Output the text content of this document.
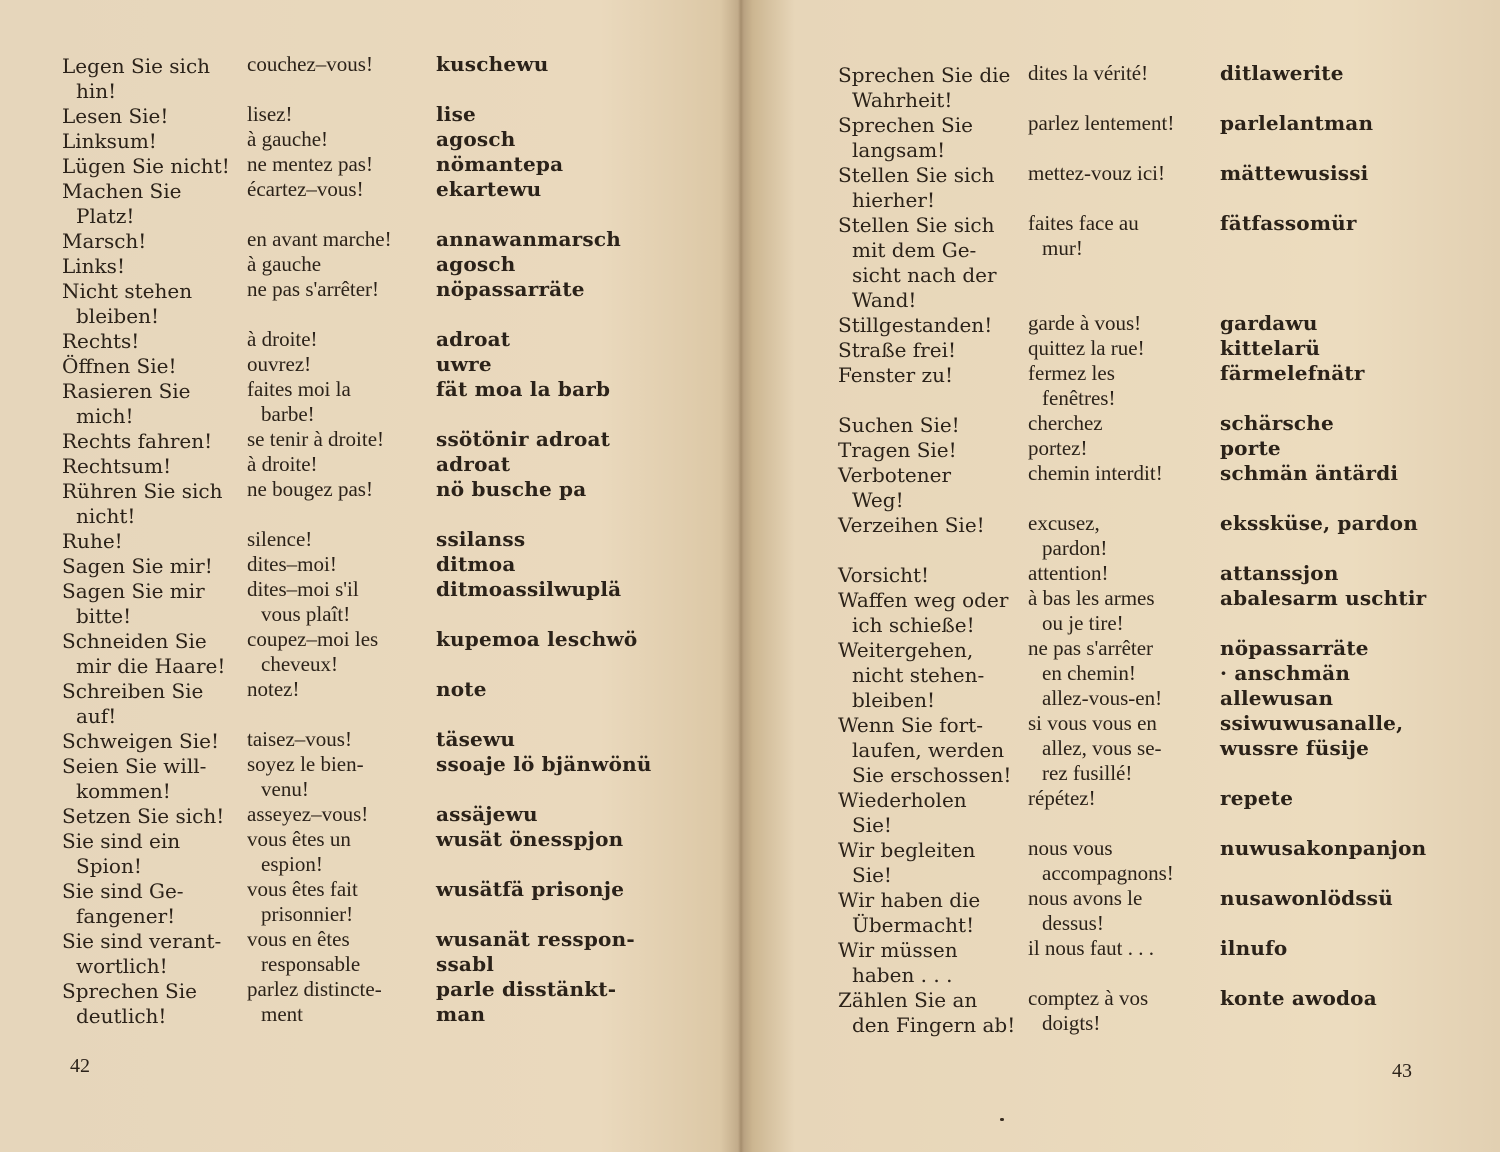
Legen Sie sich
hin!
Lesen Sie!
Linksum!
Lügen Sie nicht!
Machen Sie
Platz!
Marsch!
Links!
Nicht stehen
bleiben!
Rechts!
Öffnen Sie!
Rasieren Sie
mich!
Rechts fahren!
Rechtsum!
Rühren Sie sich
nicht!
Ruhe!
Sagen Sie mir!
Sagen Sie mir
bitte!
Schneiden Sie
mir die Haare!
Schreiben Sie
auf!
Schweigen Sie!
Seien Sie will-
kommen!
Setzen Sie sich!
Sie sind ein
Spion!
Sie sind Ge-
fangener!
Sie sind verant-
wortlich!
Sprechen Sie
deutlich!
couchez–vous!

lisez!
à gauche!
ne mentez pas!
écartez–vous!

en avant marche!
à gauche
ne pas s'arrêter!

à droite!
ouvrez!
faites moi la
barbe!
se tenir à droite!
à droite!
ne bougez pas!

silence!
dites–moi!
dites–moi s'il
vous plaît!
coupez–moi les
cheveux!
notez!

taisez–vous!
soyez le bien-
venu!
asseyez–vous!
vous êtes un
espion!
vous êtes fait
prisonnier!
vous en êtes
responsable
parlez distincte-
ment
kuschewu

lise
agosch
nömantepa
ekartewu

annawanmarsch
agosch
nöpassarräte

adroat
uwre
fät moa la barb

ssötönir adroat
adroat
nö busche pa

ssilanss
ditmoa
ditmoassilwuplä

kupemoa leschwö

note

täsewu
ssoaje lö bjänwönü

assäjewu
wusät önesspjon

wusätfä prisonje

wusanät resspon-
ssabl
parle disstänkt-
man
42
Sprechen Sie die
Wahrheit!
Sprechen Sie
langsam!
Stellen Sie sich
hierher!
Stellen Sie sich
mit dem Ge-
sicht nach der
Wand!
Stillgestanden!
Straße frei!
Fenster zu!

Suchen Sie!
Tragen Sie!
Verbotener
Weg!
Verzeihen Sie!

Vorsicht!
Waffen weg oder
ich schieße!
Weitergehen,
nicht stehen-
bleiben!
Wenn Sie fort-
laufen, werden
Sie erschossen!
Wiederholen
Sie!
Wir begleiten
Sie!
Wir haben die
Übermacht!
Wir müssen
haben . . .
Zählen Sie an
den Fingern ab!
dites la vérité!

parlez lentement!

mettez-vouz ici!

faites face au
mur!

garde à vous!
quittez la rue!
fermez les
fenêtres!
cherchez
portez!
chemin interdit!

excusez,
pardon!
attention!
à bas les armes
ou je tire!
ne pas s'arrêter
en chemin!
allez-vous-en!
si vous vous en
allez, vous se-
rez fusillé!
répétez!

nous vous
accompagnons!
nous avons le
dessus!
il nous faut . . .

comptez à vos
doigts!
ditlawerite

parlelantman

mättewusissi

fätfassomür

gardawu
kittelarü
färmelefnätr

schärsche
porte
schmän äntärdi

ekssküse, pardon

attanssjon
abalesarm uschtir

nöpassarräte
· anschmän
allewusan
ssiwuwusanalle,
wussre füsije

repete

nuwusakonpanjon

nusawonlödssü

ilnufo

konte awodoa

43
